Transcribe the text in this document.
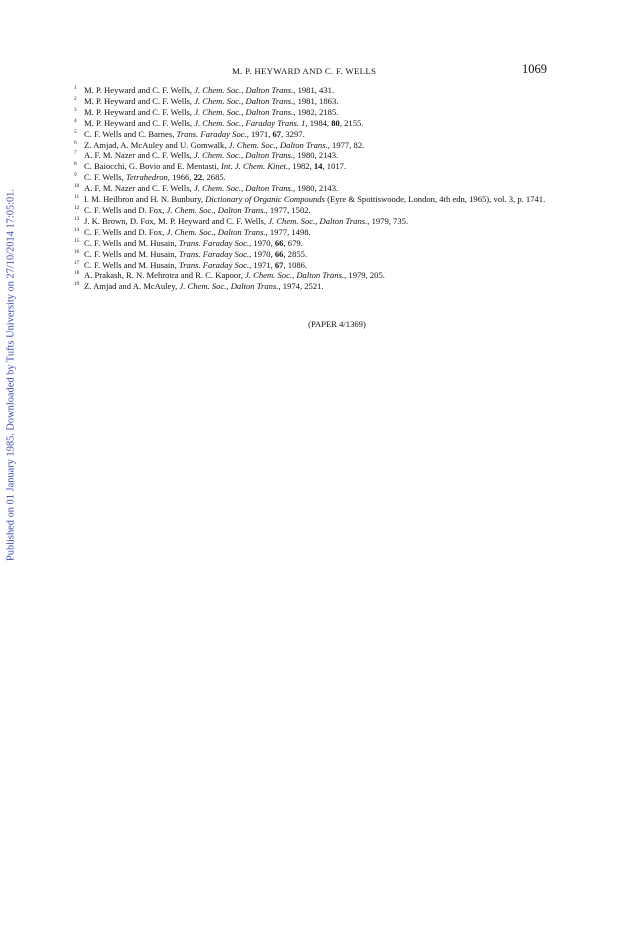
Published on 01 January 1985. Downloaded by Tufts University on 27/10/2014 17:05:01.
M. P. HEYWARD AND C. F. WELLS	1069
1 M. P. Heyward and C. F. Wells, J. Chem. Soc., Dalton Trans., 1981, 431.
2 M. P. Heyward and C. F. Wells, J. Chem. Soc., Dalton Trans., 1981, 1863.
3 M. P. Heyward and C. F. Wells, J. Chem. Soc., Dalton Trans., 1982, 2185.
4 M. P. Heyward and C. F. Wells, J. Chem. Soc., Faraday Trans. 1, 1984, 80, 2155.
5 C. F. Wells and C. Barnes, Trans. Faraday Soc., 1971, 67, 3297.
6 Z. Amjad, A. McAuley and U. Gomwalk, J. Chem. Soc., Dalton Trans., 1977, 82.
7 A. F. M. Nazer and C. F. Wells, J. Chem. Soc., Dalton Trans., 1980, 2143.
8 C. Baiocchi, G. Bovio and E. Mentasti, Int. J. Chem. Kinet., 1982, 14, 1017.
9 C. F. Wells, Tetrahedron, 1966, 22, 2685.
10 A. F. M. Nazer and C. F. Wells, J. Chem. Soc., Dalton Trans., 1980, 2143.
11 I. M. Heilbron and H. N. Bunbury, Dictionary of Organic Compounds (Eyre & Spottiswoode, London, 4th edn, 1965), vol. 3, p. 1741.
12 C. F. Wells and D. Fox, J. Chem. Soc., Dalton Trans., 1977, 1502.
13 J. K. Brown, D. Fox, M. P. Heyward and C. F. Wells, J. Chem. Soc., Dalton Trans., 1979, 735.
14 C. F. Wells and D. Fox, J. Chem. Soc., Dalton Trans., 1977, 1498.
15 C. F. Wells and M. Husain, Trans. Faraday Soc., 1970, 66, 679.
16 C. F. Wells and M. Husain, Trans. Faraday Soc., 1970, 66, 2855.
17 C. F. Wells and M. Husain, Trans. Faraday Soc., 1971, 67, 1086.
18 A. Prakash, R. N. Mehrotra and R. C. Kapoor, J. Chem. Soc., Dalton Trans., 1979, 205.
19 Z. Amjad and A. McAuley, J. Chem. Soc., Dalton Trans., 1974, 2521.
(PAPER 4/1369)
